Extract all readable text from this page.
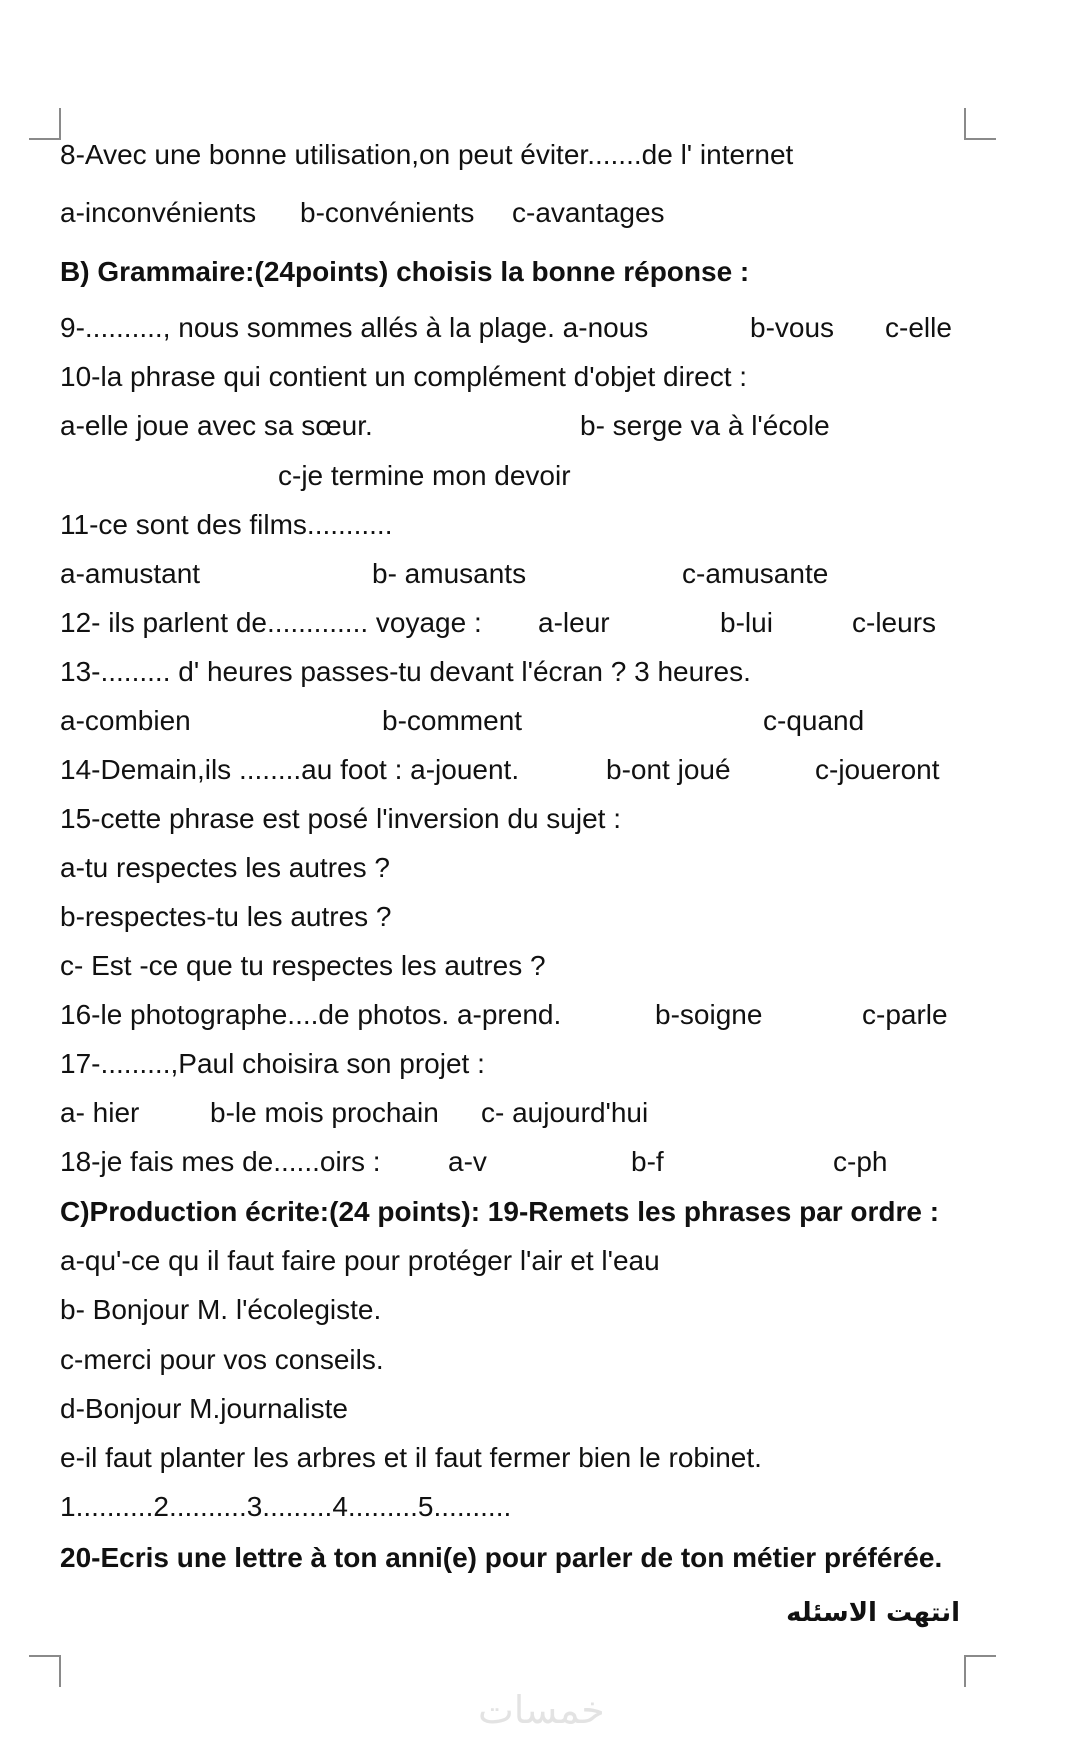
8-Avec une bonne utilisation,on peut éviter.......de l' internet
a-inconvénients b-convénients c-avantages
B) Grammaire:(24points) choisis la bonne réponse :
9-.........., nous sommes allés à la plage. a-nous	b-vous c-elle
10-la phrase qui contient un complément d'objet direct :
a-elle joue avec sa sœur.	b- serge va à l'école
c-je termine mon devoir
11-ce sont des films...........
a-amustant	b- amusants	c-amusante
12- ils parlent de............. voyage : a-leur	b-lui	c-leurs
13-......... d' heures passes-tu devant l'écran ? 3 heures.
a-combien	b-comment	c-quand
14-Demain,ils ........au foot : a-jouent.	b-ont joué	c-joueront
15-cette phrase est posé l'inversion du sujet :
a-tu respectes les autres ?
b-respectes-tu les autres ?
c- Est -ce que tu respectes les autres ?
16-le photographe....de photos. a-prend.	b-soigne	c-parle
17-.........,Paul choisira son projet :
a- hier	b-le mois prochain c- aujourd'hui
18-je fais mes de......oirs : a-v	b-f	c-ph
C)Production écrite:(24 points): 19-Remets les phrases par ordre :
a-qu'-ce qu il faut faire pour protéger l'air et l'eau
b- Bonjour M. l'écolegiste.
c-merci pour vos conseils.
d-Bonjour M.journaliste
e-il faut planter les arbres et il faut fermer bien le robinet.
1..........2..........3.........4.........5..........
20-Ecris une lettre à ton anni(e) pour parler de ton métier préférée.
انتهت الاسئله
خمسات
